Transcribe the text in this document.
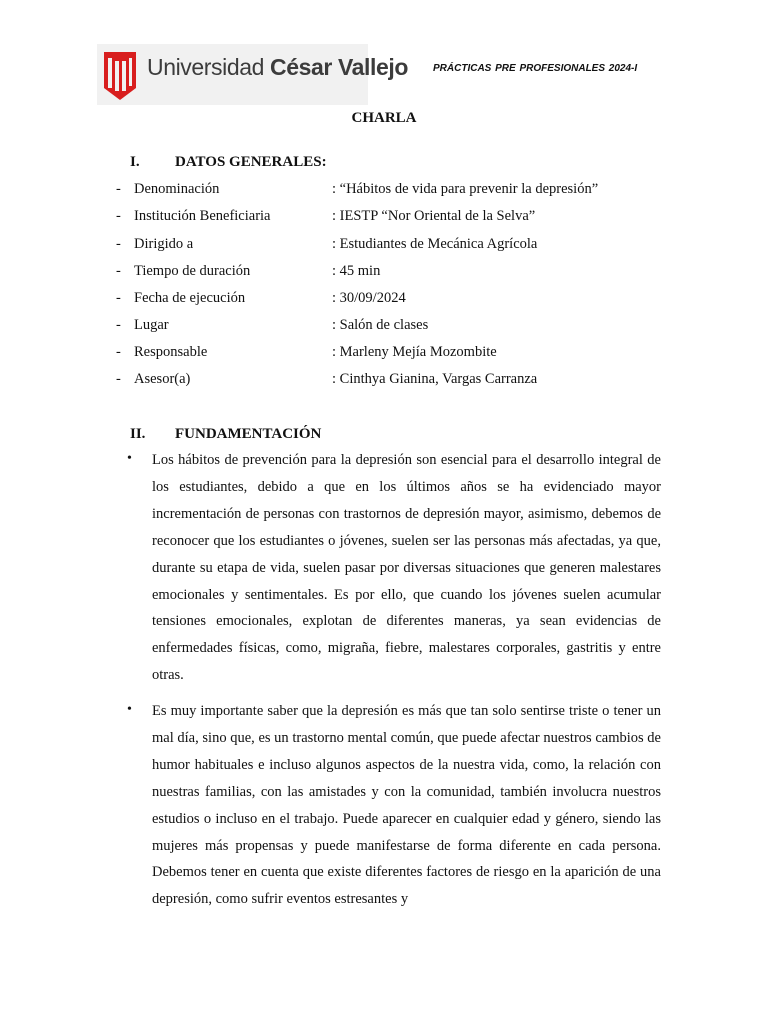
Universidad César Vallejo PRÁCTICAS PRE PROFESIONALES 2024-I
CHARLA
I. DATOS GENERALES:
- Denominación	: “Hábitos de vida para prevenir la depresión”
- Institución Beneficiaria	: IESTP “Nor Oriental de la Selva”
- Dirigido a	: Estudiantes de Mecánica Agrícola
- Tiempo de duración	: 45 min
- Fecha de ejecución	: 30/09/2024
- Lugar	: Salón de clases
- Responsable	: Marleny Mejía Mozombite
- Asesor(a)	: Cinthya Gianina, Vargas Carranza
II. FUNDAMENTACIÓN
• Los hábitos de prevención para la depresión son esencial para el desarrollo integral de los estudiantes, debido a que en los últimos años se ha evidenciado mayor incrementación de personas con trastornos de depresión mayor, asimismo, debemos de reconocer que los estudiantes o jóvenes, suelen ser las personas más afectadas, ya que, durante su etapa de vida, suelen pasar por diversas situaciones que generen malestares emocionales y sentimentales. Es por ello, que cuando los jóvenes suelen acumular tensiones emocionales, explotan de diferentes maneras, ya sean evidencias de enfermedades físicas, como, migraña, fiebre, malestares corporales, gastritis y entre otras.

• Es muy importante saber que la depresión es más que tan solo sentirse triste o tener un mal día, sino que, es un trastorno mental común, que puede afectar nuestros cambios de humor habituales e incluso algunos aspectos de la nuestra vida, como, la relación con nuestras familias, con las amistades y con la comunidad, también involucra nuestros estudios o incluso en el trabajo. Puede aparecer en cualquier edad y género, siendo las mujeres más propensas y puede manifestarse de forma diferente en cada persona. Debemos tener en cuenta que existe diferentes factores de riesgo en la aparición de una depresión, como sufrir eventos estresantes y
